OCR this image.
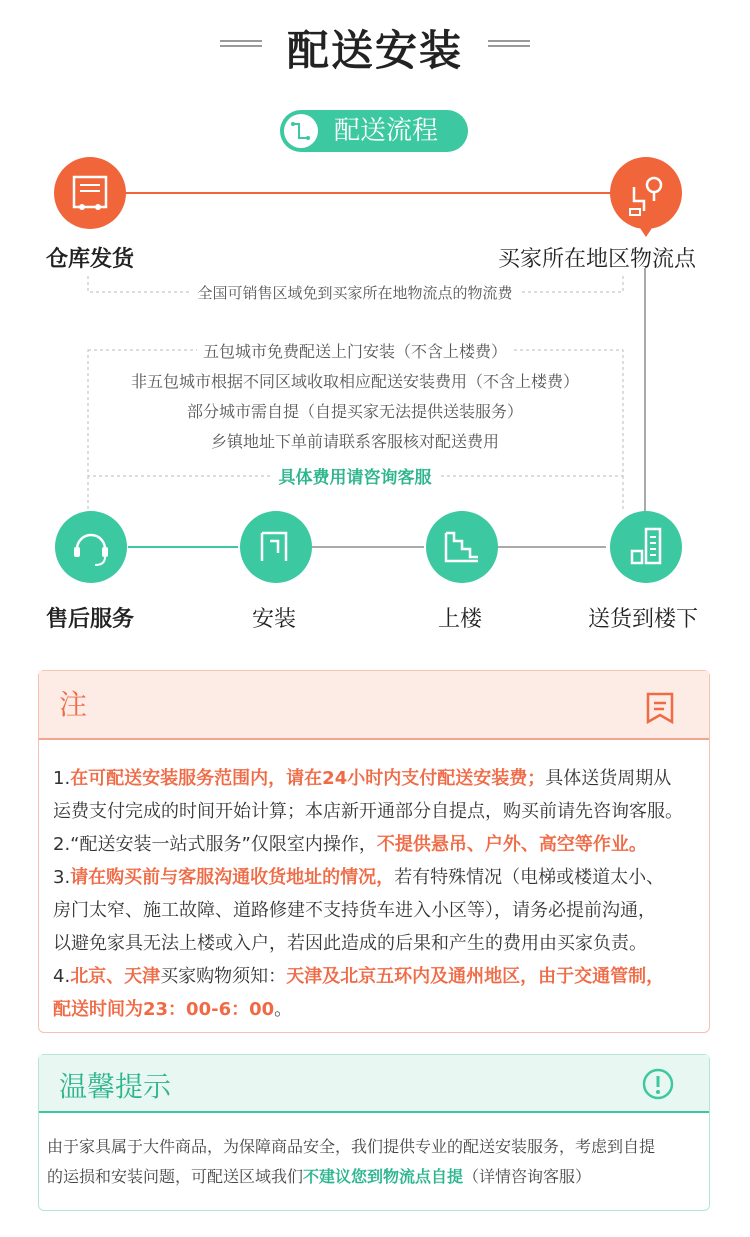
配送安装
配送流程
仓库发货	买家所在地区物流点
全国可销售区域免到买家所在地物流点的物流费
五包城市免费配送上门安装（不含上楼费）
非五包城市根据不同区域收取相应配送安装费用（不含上楼费）
部分城市需自提（自提买家无法提供送装服务）
乡镇地址下单前请联系客服核对配送费用
具体费用请咨询客服
售后服务	安装	上楼	送货到楼下
注
1.在可配送安装服务范围内，请在24小时内支付配送安装费；具体送货周期从
运费支付完成的时间开始计算；本店新开通部分自提点，购买前请先咨询客服。
2.“配送安装一站式服务”仅限室内操作，不提供悬吊、户外、高空等作业。
3.请在购买前与客服沟通收货地址的情况，若有特殊情况（电梯或楼道太小、
房门太窄、施工故障、道路修建不支持货车进入小区等），请务必提前沟通，
以避免家具无法上楼或入户，若因此造成的后果和产生的费用由买家负责。
4.北京、天津买家购物须知：天津及北京五环内及通州地区，由于交通管制，
配送时间为23：00-6：00。
温馨提示
由于家具属于大件商品，为保障商品安全，我们提供专业的配送安装服务，考虑到自提
的运损和安装问题，可配送区域我们不建议您到物流点自提（详情咨询客服）
